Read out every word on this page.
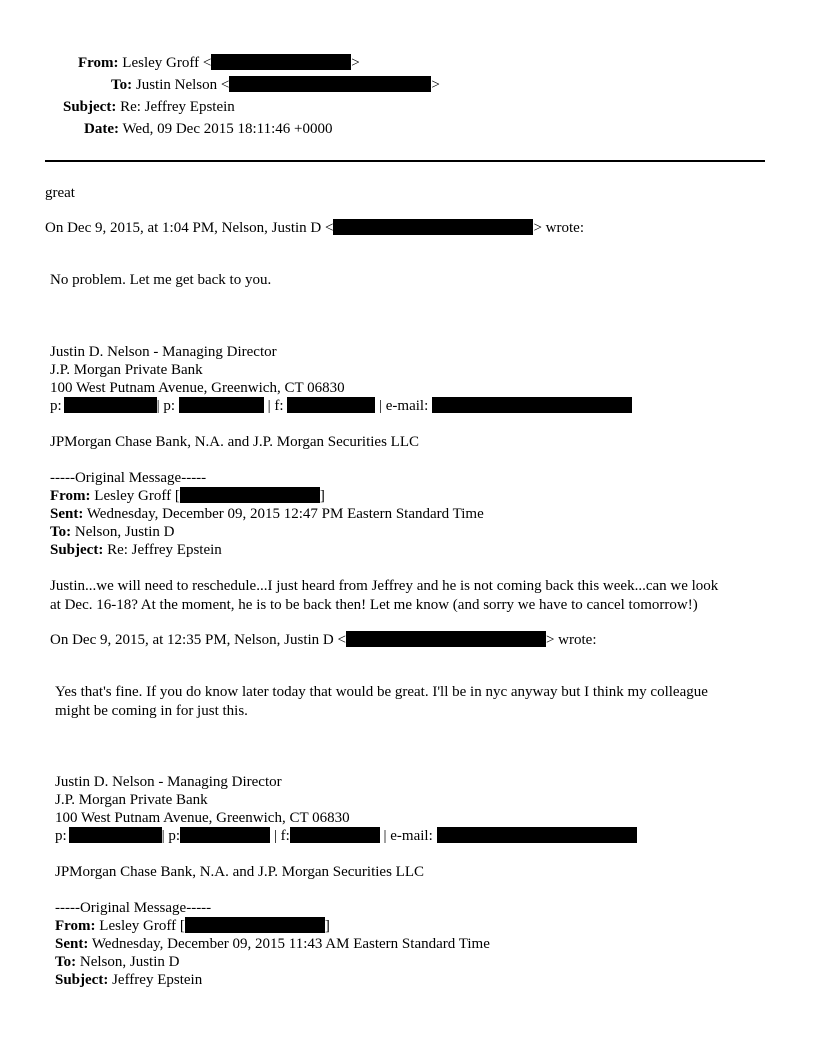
From: Lesley Groff <	>
To: Justin Nelson <	>
Subject: Re: Jeffrey Epstein
Date: Wed, 09 Dec 2015 18:11:46 +0000
great
On Dec 9, 2015, at 1:04 PM, Nelson, Justin D <	> wrote:
No problem. Let me get back to you.
Justin D. Nelson - Managing Director
J.P. Morgan Private Bank
100 West Putnam Avenue, Greenwich, CT 06830
p:	| p:	| f:	| e-mail:
JPMorgan Chase Bank, N.A. and J.P. Morgan Securities LLC
-----Original Message-----
From: Lesley Groff [	]
Sent: Wednesday, December 09, 2015 12:47 PM Eastern Standard Time
To: Nelson, Justin D
Subject: Re: Jeffrey Epstein
Justin...we will need to reschedule...I just heard from Jeffrey and he is not coming back this week...can we look
at Dec. 16-18? At the moment, he is to be back then! Let me know (and sorry we have to cancel tomorrow!)
On Dec 9, 2015, at 12:35 PM, Nelson, Justin D <	> wrote:
Yes that's fine. If you do know later today that would be great. I'll be in nyc anyway but I think my colleague
might be coming in for just this.
Justin D. Nelson - Managing Director
J.P. Morgan Private Bank
100 West Putnam Avenue, Greenwich, CT 06830
p:	| p:	| f:	| e-mail:
JPMorgan Chase Bank, N.A. and J.P. Morgan Securities LLC
-----Original Message-----
From: Lesley Groff [	]
Sent: Wednesday, December 09, 2015 11:43 AM Eastern Standard Time
To: Nelson, Justin D
Subject: Jeffrey Epstein
